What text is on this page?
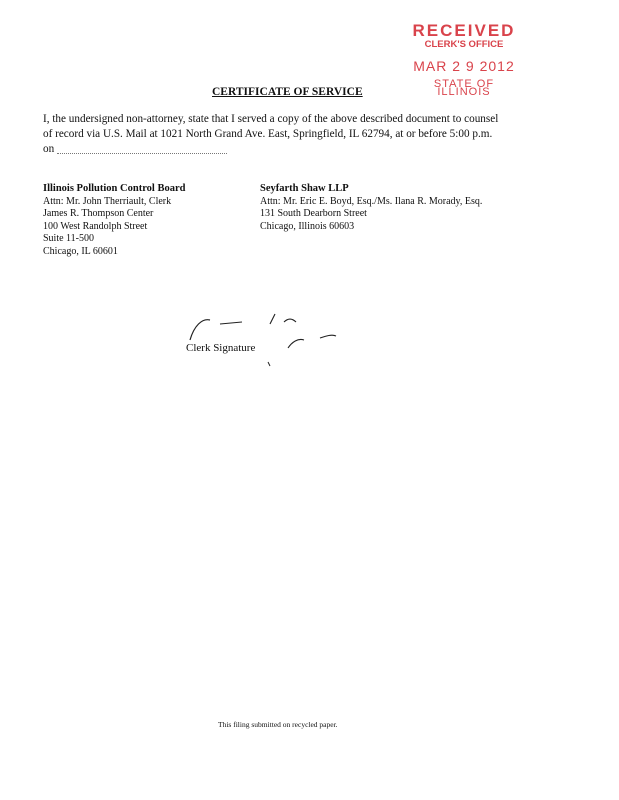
RECEIVED
CLERK'S OFFICE
MAR 2 9 2012
STATE OF ILLINOIS
CERTIFICATE OF SERVICE
I, the undersigned non-attorney, state that I served a copy of the above described document to counsel
of record via U.S. Mail at 1021 North Grand Ave. East, Springfield, IL 62794, at or before 5:00 p.m.
on
Illinois Pollution Control Board
Attn: Mr. John Therriault, Clerk
James R. Thompson Center
100 West Randolph Street
Suite 11-500
Chicago, IL 60601
Seyfarth Shaw LLP
Attn: Mr. Eric E. Boyd, Esq./Ms. Ilana R. Morady, Esq.
131 South Dearborn Street
Chicago, Illinois 60603
Clerk Signature
This filing submitted on recycled paper.
